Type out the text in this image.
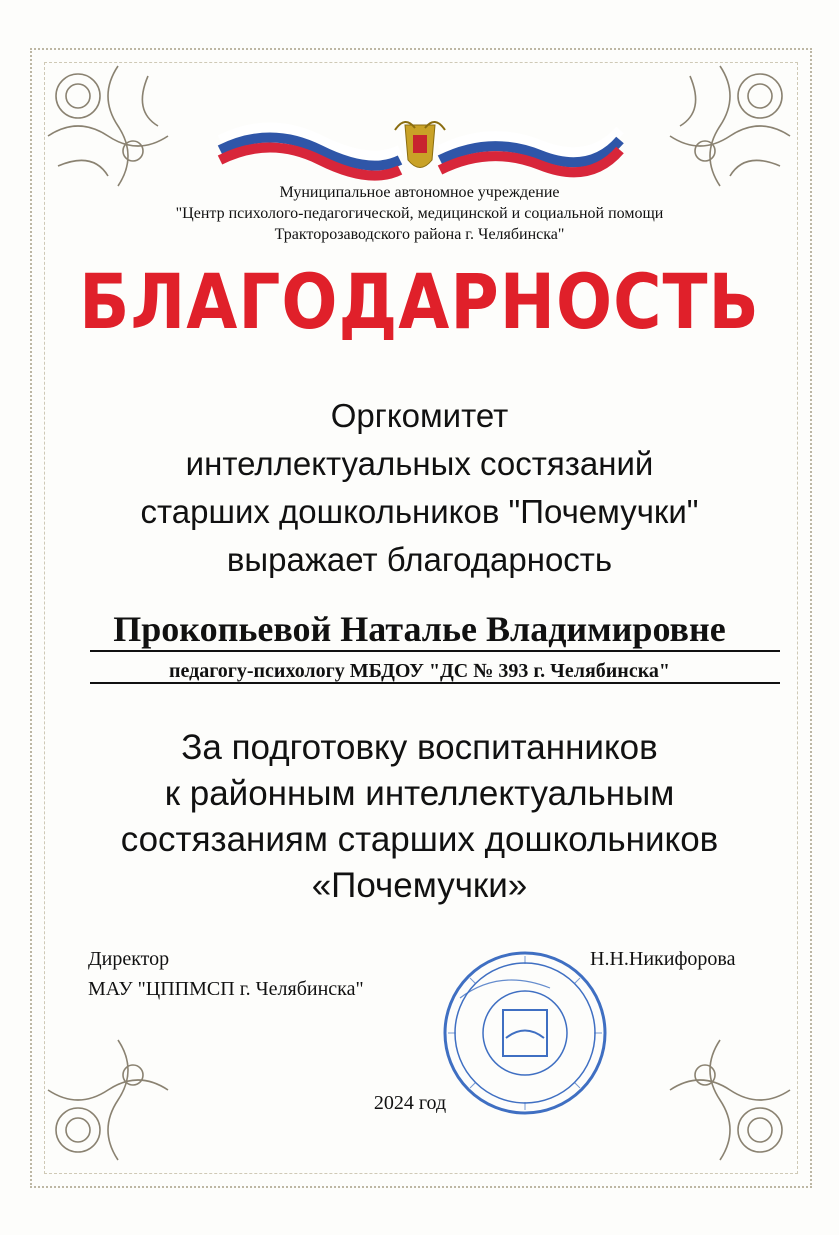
Муниципальное автономное учреждение
"Центр психолого-педагогической, медицинской и социальной помощи
Тракторозаводского района г. Челябинска"
БЛАГОДАРНОСТЬ
Оргкомитет
интеллектуальных состязаний
старших дошкольников "Почемучки"
выражает благодарность
Прокопьевой Наталье Владимировне
педагогу-психологу МБДОУ "ДС № 393 г. Челябинска"
За подготовку воспитанников
к районным интеллектуальным
состязаниям старших дошкольников
«Почемучки»
Директор
МАУ "ЦППМСП г. Челябинска"
Н.Н.Никифорова
2024 год
